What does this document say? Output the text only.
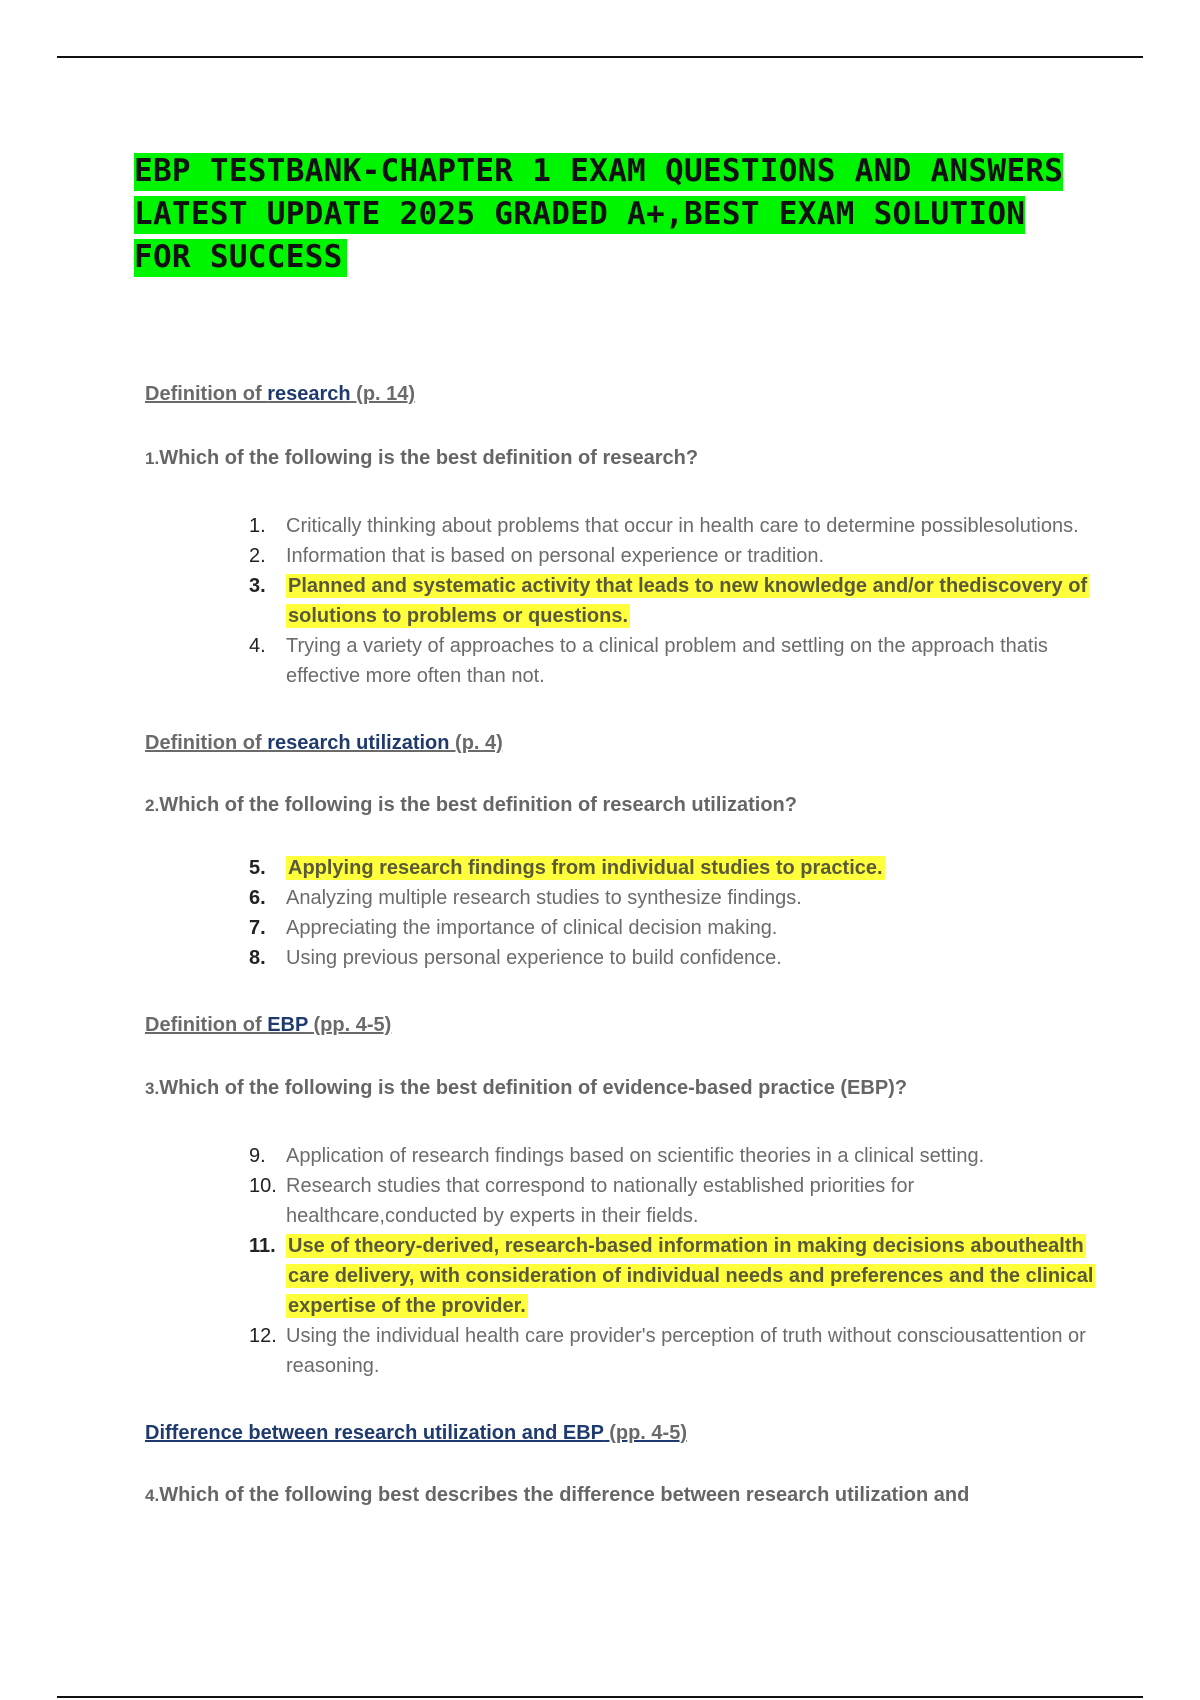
EBP TESTBANK-CHAPTER 1 EXAM QUESTIONS AND ANSWERS LATEST UPDATE 2025 GRADED A+,BEST EXAM SOLUTION FOR SUCCESS

Definition of research (p. 14)

1.Which of the following is the best definition of research?

1.	Critically thinking about problems that occur in health care to determine possiblesolutions.
2.	Information that is based on personal experience or tradition.
3.	Planned and systematic activity that leads to new knowledge and/or thediscovery of solutions to problems or questions.
4.	Trying a variety of approaches to a clinical problem and settling on the approach thatis effective more often than not.

Definition of research utilization (p. 4)

2.Which of the following is the best definition of research utilization?

5.	Applying research findings from individual studies to practice.
6.	Analyzing multiple research studies to synthesize findings.
7.	Appreciating the importance of clinical decision making.
8.	Using previous personal experience to build confidence.

Definition of EBP (pp. 4-5)

3.Which of the following is the best definition of evidence-based practice (EBP)?

9.	Application of research findings based on scientific theories in a clinical setting.
10. Research studies that correspond to nationally established priorities for healthcare,conducted by experts in their fields.
11. Use of theory-derived, research-based information in making decisions abouthealth care delivery, with consideration of individual needs and preferences and the clinical expertise of the provider.
12. Using the individual health care provider's perception of truth without consciousattention or reasoning.

Difference between research utilization and EBP (pp. 4-5)

4.Which of the following best describes the difference between research utilization and
